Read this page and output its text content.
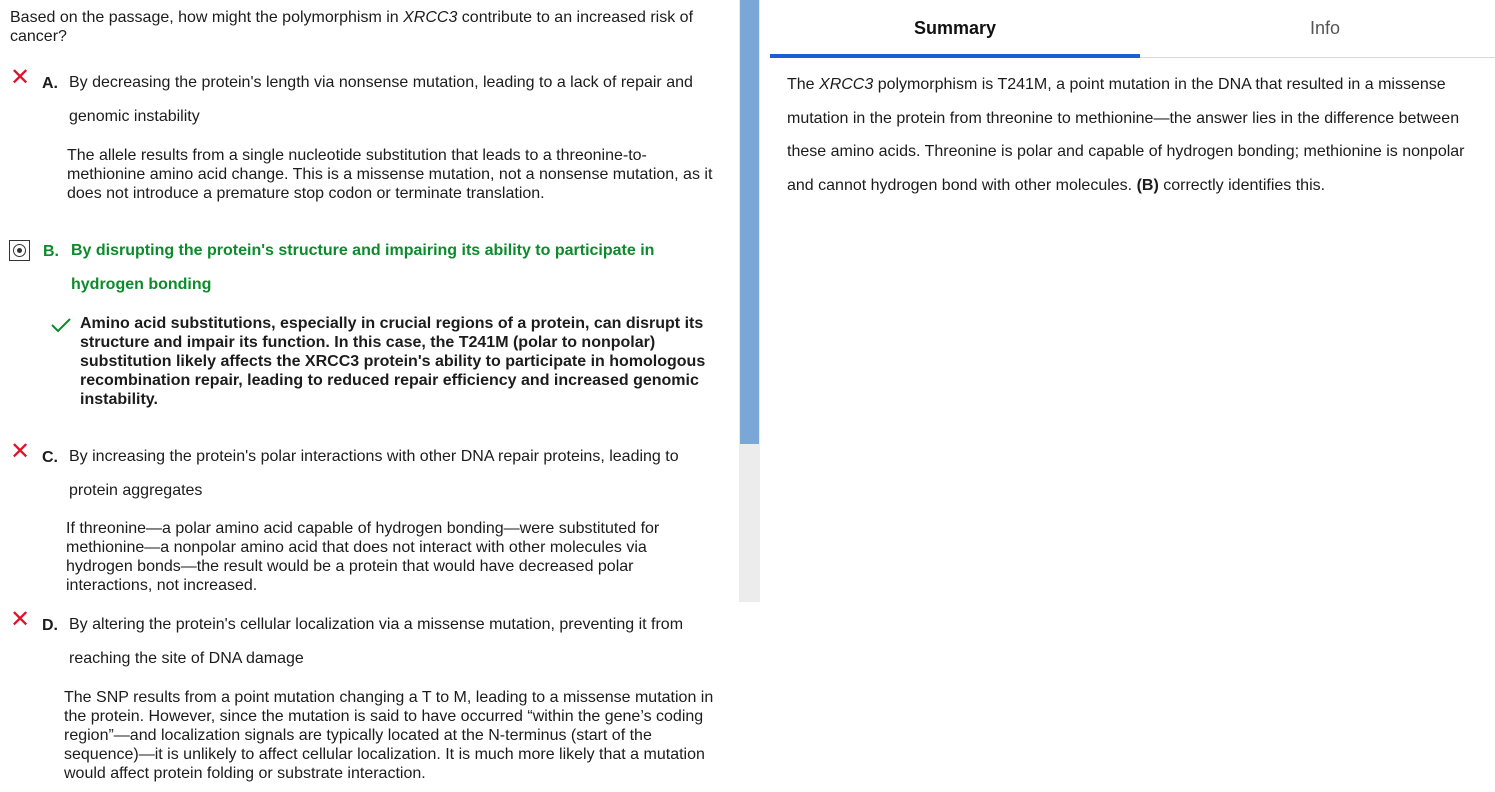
Based on the passage, how might the polymorphism in XRCC3 contribute to an increased risk of cancer?
✕ A. By decreasing the protein's length via nonsense mutation, leading to a lack of repair and genomic instability
The allele results from a single nucleotide substitution that leads to a threonine-to-methionine amino acid change. This is a missense mutation, not a nonsense mutation, as it does not introduce a premature stop codon or terminate translation.
B. By disrupting the protein's structure and impairing its ability to participate in hydrogen bonding
Amino acid substitutions, especially in crucial regions of a protein, can disrupt its structure and impair its function. In this case, the T241M (polar to nonpolar) substitution likely affects the XRCC3 protein's ability to participate in homologous recombination repair, leading to reduced repair efficiency and increased genomic instability.
✕ C. By increasing the protein's polar interactions with other DNA repair proteins, leading to protein aggregates
If threonine—a polar amino acid capable of hydrogen bonding—were substituted for methionine—a nonpolar amino acid that does not interact with other molecules via hydrogen bonds—the result would be a protein that would have decreased polar interactions, not increased.
✕ D. By altering the protein's cellular localization via a missense mutation, preventing it from reaching the site of DNA damage
The SNP results from a point mutation changing a T to M, leading to a missense mutation in the protein. However, since the mutation is said to have occurred “within the gene’s coding region”—and localization signals are typically located at the N-terminus (start of the sequence)—it is unlikely to affect cellular localization. It is much more likely that a mutation would affect protein folding or substrate interaction.
Summary	Info
The XRCC3 polymorphism is T241M, a point mutation in the DNA that resulted in a missense mutation in the protein from threonine to methionine—the answer lies in the difference between these amino acids. Threonine is polar and capable of hydrogen bonding; methionine is nonpolar and cannot hydrogen bond with other molecules. (B) correctly identifies this.
